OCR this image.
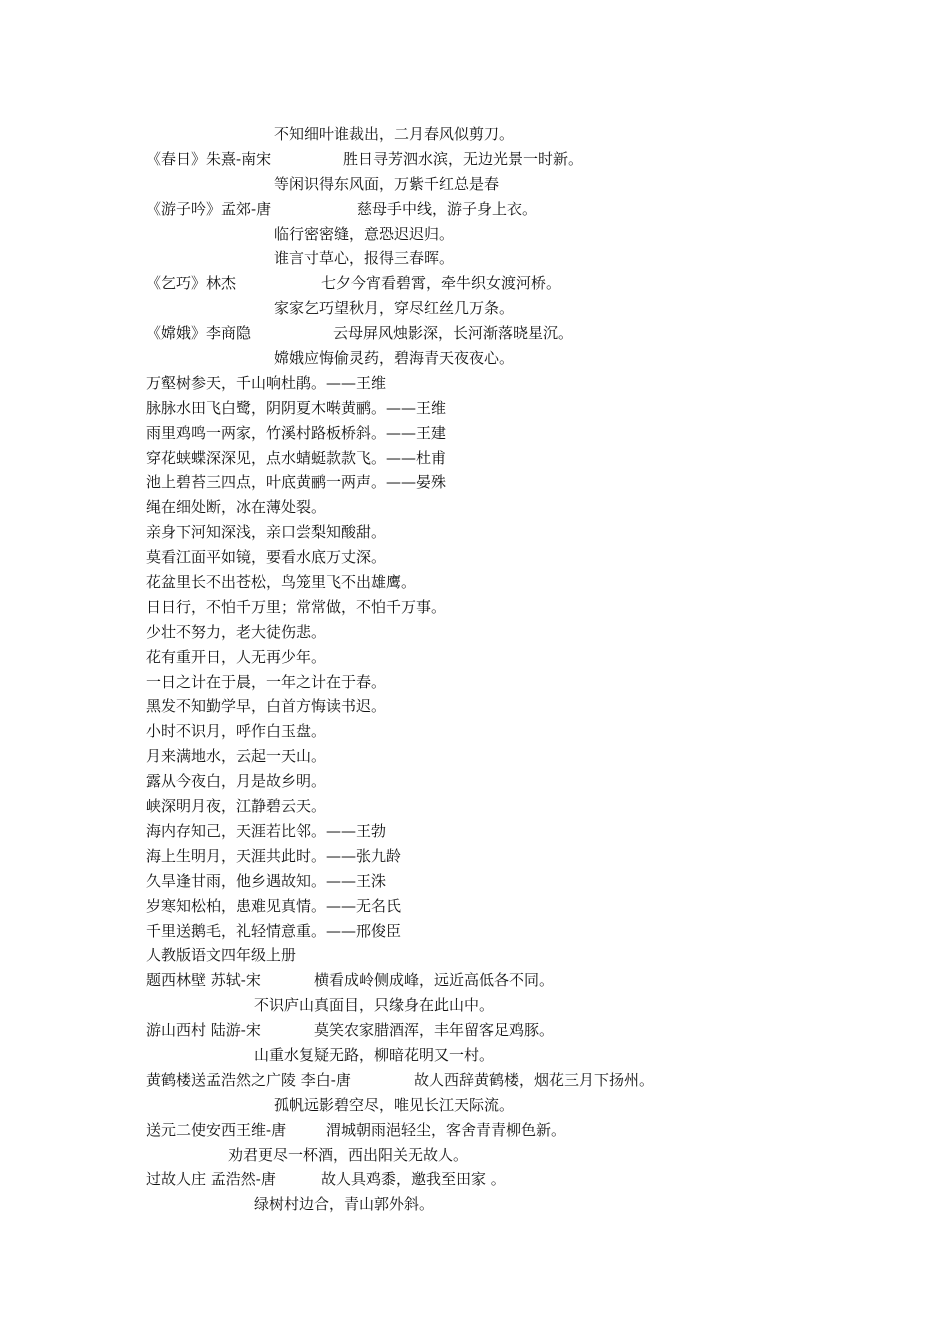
不知细叶谁裁出，二月春风似剪刀。
《春日》朱熹-南宋	胜日寻芳泗水滨，无边光景一时新。
等闲识得东风面，万紫千红总是春
《游子吟》孟郊-唐	慈母手中线，游子身上衣。
临行密密缝，意恐迟迟归。
谁言寸草心，报得三春晖。
《乞巧》林杰	七夕今宵看碧霄，牵牛织女渡河桥。
家家乞巧望秋月，穿尽红丝几万条。
《嫦娥》李商隐	云母屏风烛影深，长河渐落晓星沉。
嫦娥应悔偷灵药，碧海青天夜夜心。
万壑树参天，千山响杜鹃。——王维
脉脉水田飞白鹭，阴阴夏木啭黄鹂。——王维
雨里鸡鸣一两家，竹溪村路板桥斜。——王建
穿花蛱蝶深深见，点水蜻蜓款款飞。——杜甫
池上碧苔三四点，叶底黄鹂一两声。——晏殊
绳在细处断，冰在薄处裂。
亲身下河知深浅，亲口尝梨知酸甜。
莫看江面平如镜，要看水底万丈深。
花盆里长不出苍松，鸟笼里飞不出雄鹰。
日日行，不怕千万里；常常做，不怕千万事。
少壮不努力，老大徒伤悲。
花有重开日，人无再少年。
一日之计在于晨，一年之计在于春。
黑发不知勤学早，白首方悔读书迟。
小时不识月，呼作白玉盘。
月来满地水，云起一天山。
露从今夜白，月是故乡明。
峡深明月夜，江静碧云天。
海内存知己，天涯若比邻。——王勃
海上生明月，天涯共此时。——张九龄
久旱逢甘雨，他乡遇故知。——王洙
岁寒知松柏，患难见真情。——无名氏
千里送鹅毛，礼轻情意重。——邢俊臣
人教版语文四年级上册
题西林壁 苏轼-宋	横看成岭侧成峰，远近高低各不同。
不识庐山真面目，只缘身在此山中。
游山西村 陆游-宋	莫笑农家腊酒浑，丰年留客足鸡豚。
山重水复疑无路，柳暗花明又一村。
黄鹤楼送孟浩然之广陵 李白-唐	故人西辞黄鹤楼，烟花三月下扬州。
孤帆远影碧空尽，唯见长江天际流。
送元二使安西王维-唐	渭城朝雨浥轻尘，客舍青青柳色新。
劝君更尽一杯酒，西出阳关无故人。
过故人庄 孟浩然-唐	故人具鸡黍，邀我至田家 。
绿树村边合，青山郭外斜。
